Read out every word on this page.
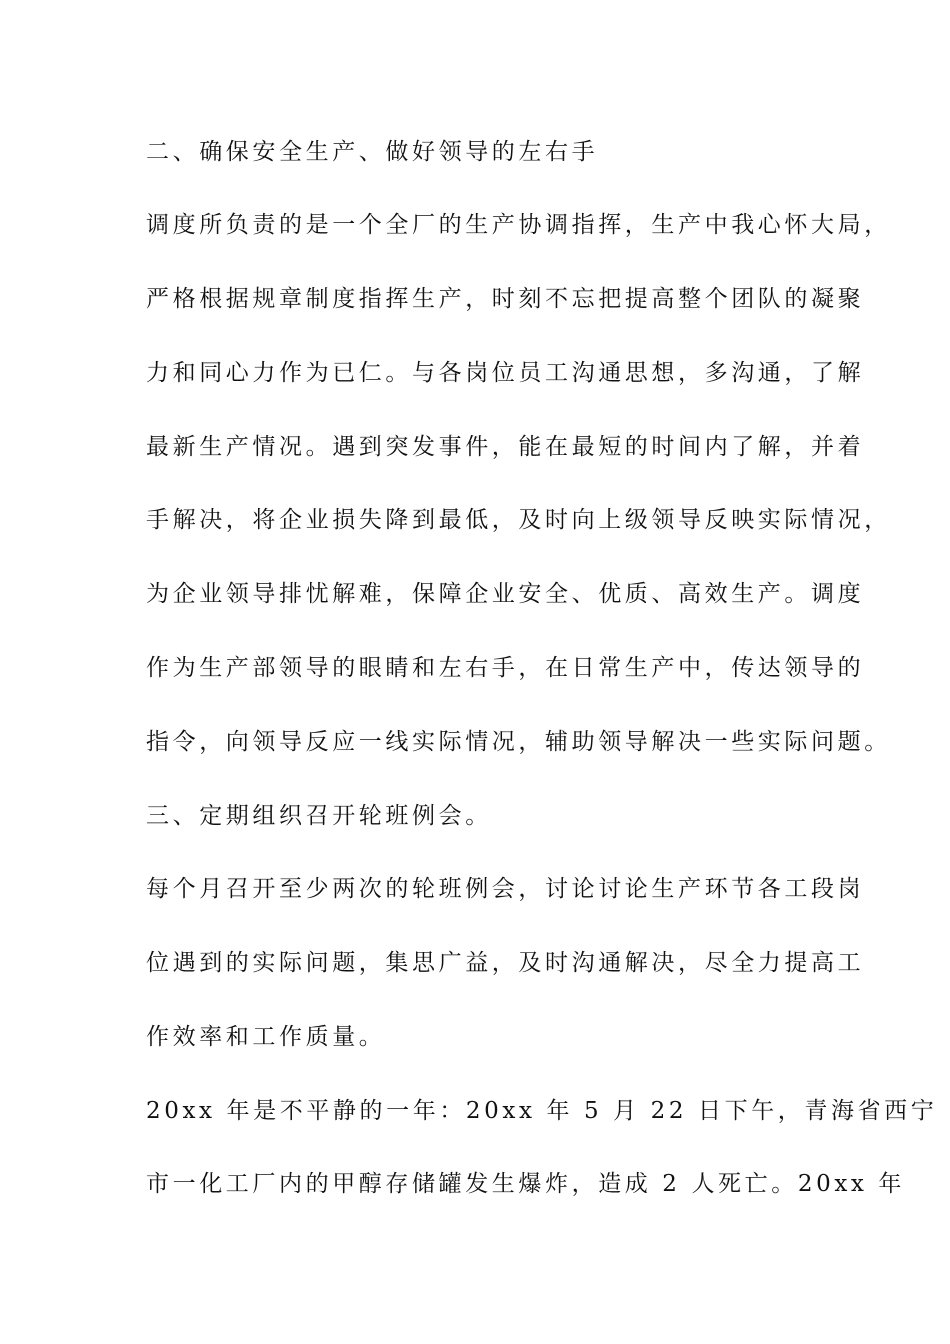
二、确保安全生产、做好领导的左右手
调度所负责的是一个全厂的生产协调指挥，生产中我心怀大局，
严格根据规章制度指挥生产，时刻不忘把提高整个团队的凝聚
力和同心力作为已仁。与各岗位员工沟通思想，多沟通，了解
最新生产情况。遇到突发事件，能在最短的时间内了解，并着
手解决，将企业损失降到最低，及时向上级领导反映实际情况，
为企业领导排忧解难，保障企业安全、优质、高效生产。调度
作为生产部领导的眼睛和左右手，在日常生产中，传达领导的
指令，向领导反应一线实际情况，辅助领导解决一些实际问题。
三、定期组织召开轮班例会。
每个月召开至少两次的轮班例会，讨论讨论生产环节各工段岗
位遇到的实际问题，集思广益，及时沟通解决，尽全力提高工
作效率和工作质量。
20xx 年是不平静的一年：20xx 年 5 月 22 日下午，青海省西宁
市一化工厂内的甲醇存储罐发生爆炸，造成 2 人死亡。20xx 年
